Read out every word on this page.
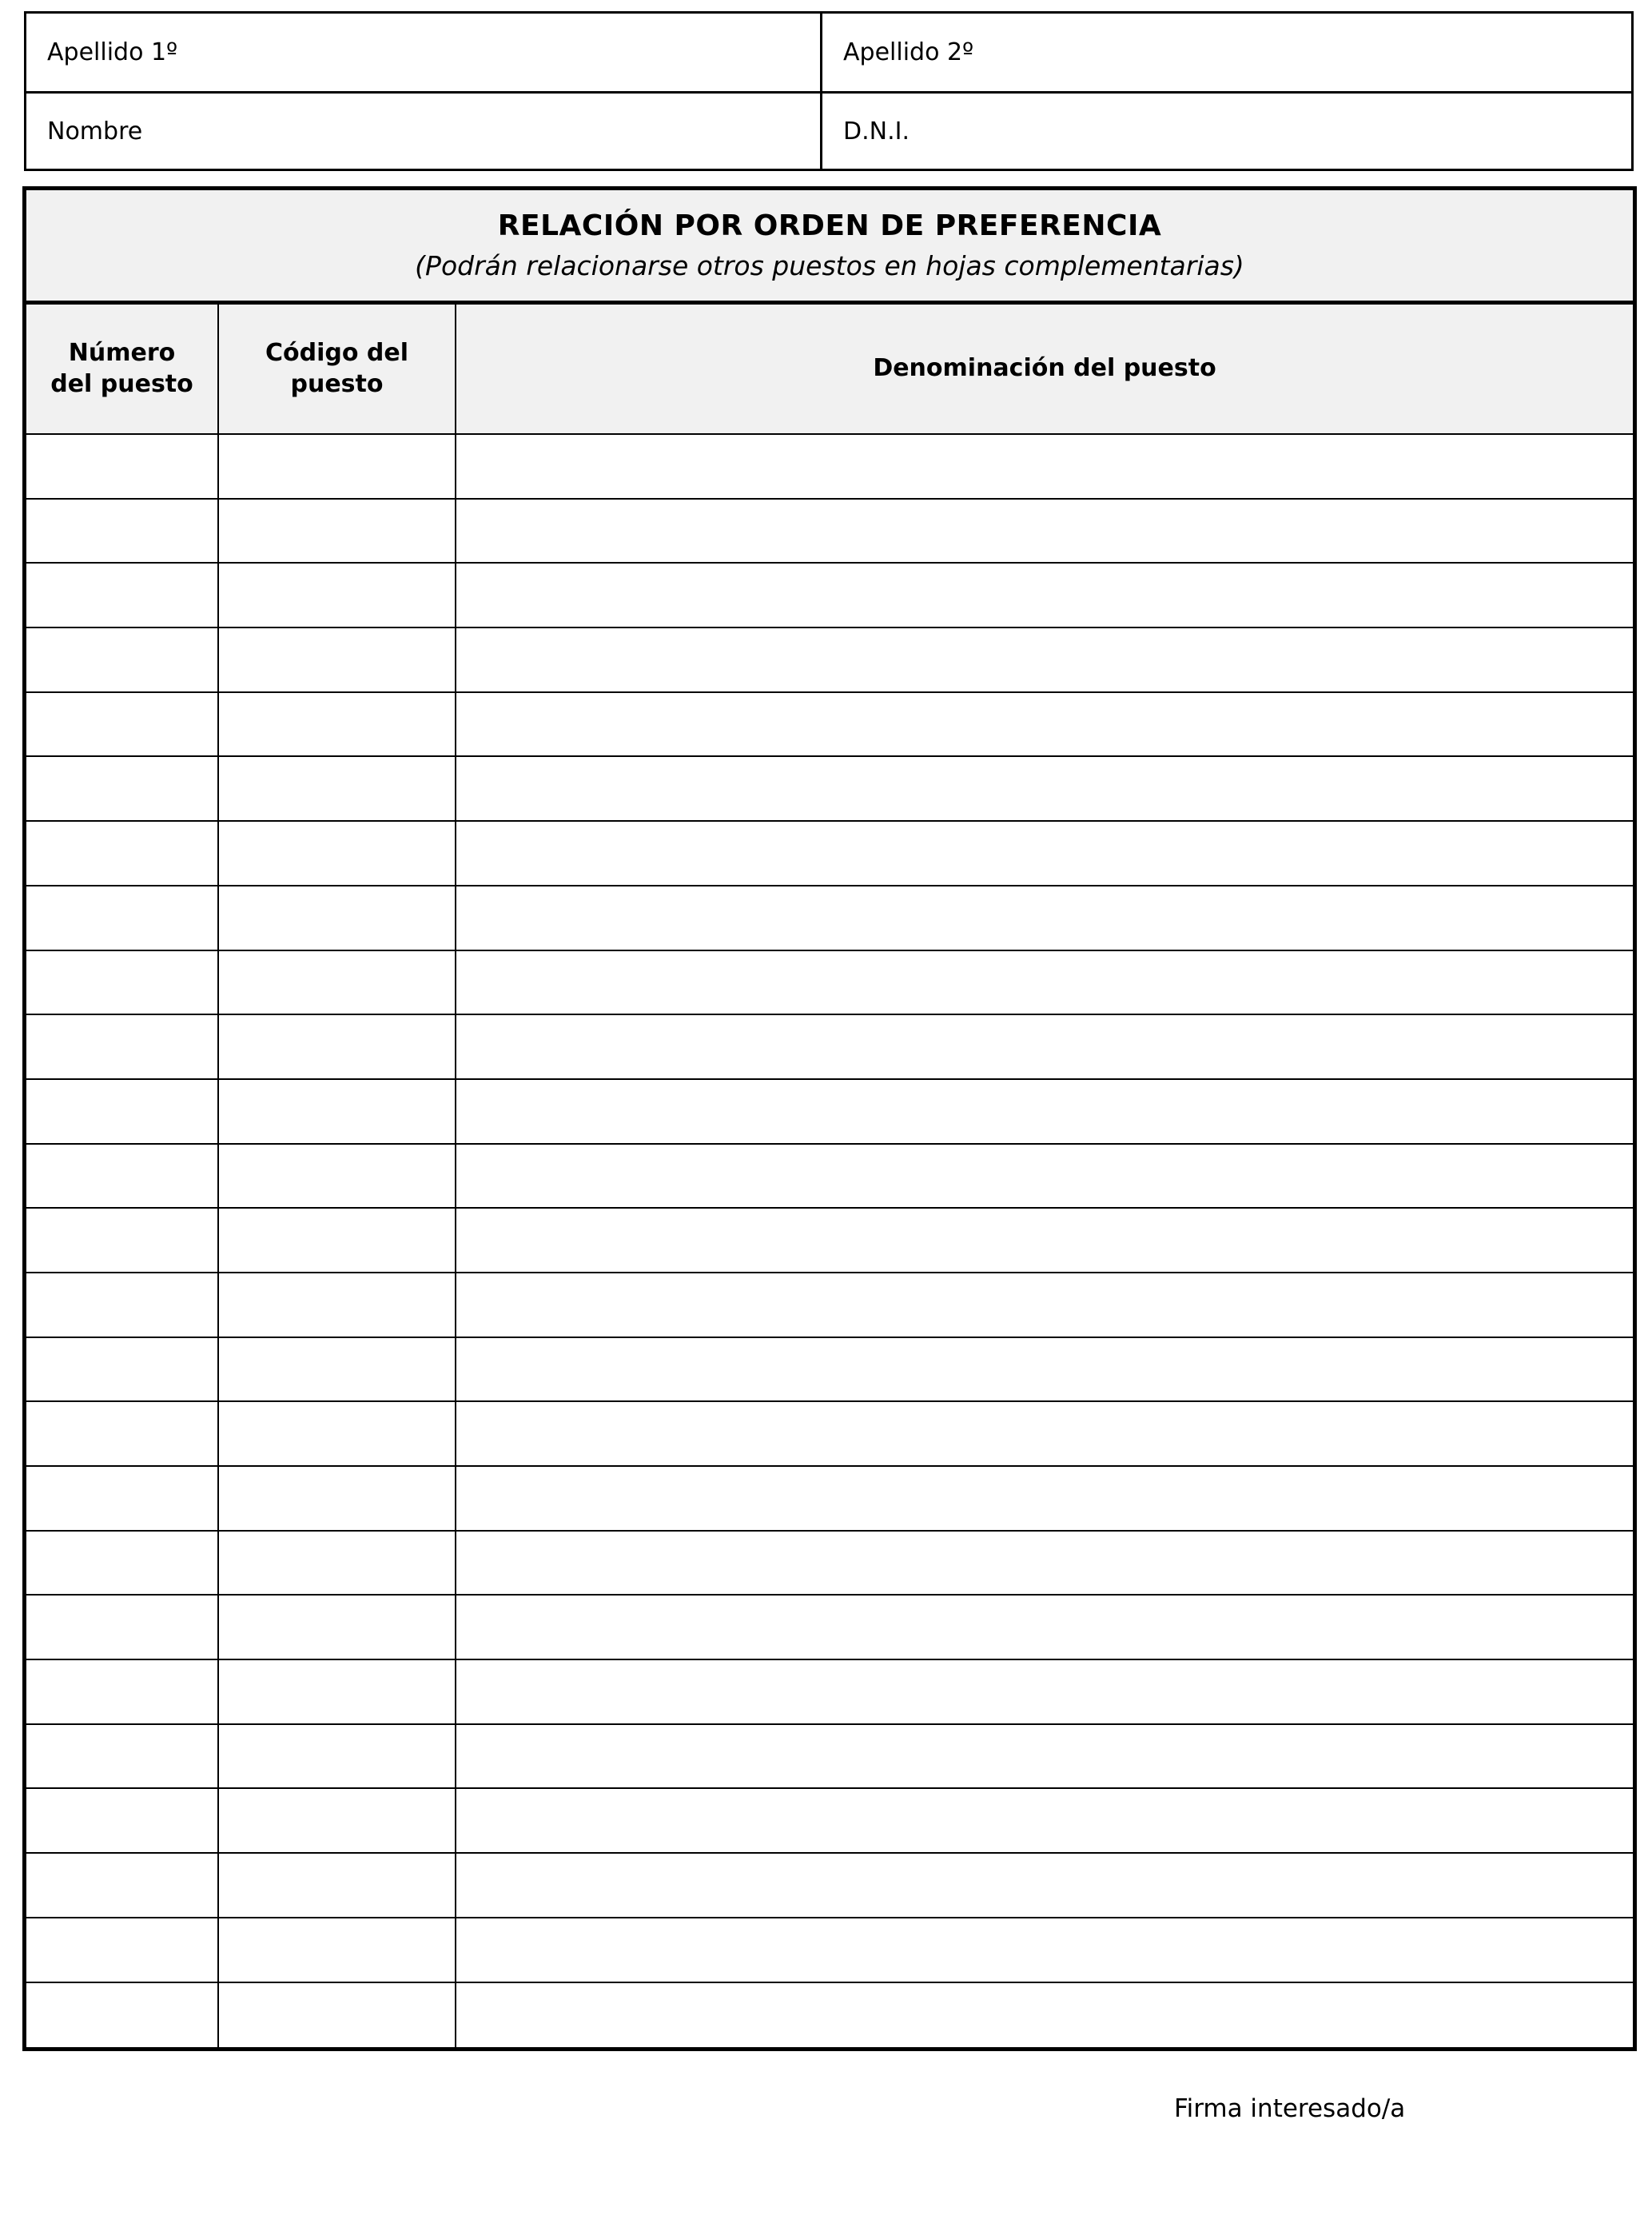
Apellido 1º	Apellido 2º
Nombre	D.N.I.
RELACIÓN POR ORDEN DE PREFERENCIA
(Podrán relacionarse otros puestos en hojas complementarias)
Número
del puesto
Código del
puesto
Denominación del puesto
Firma interesado/a
